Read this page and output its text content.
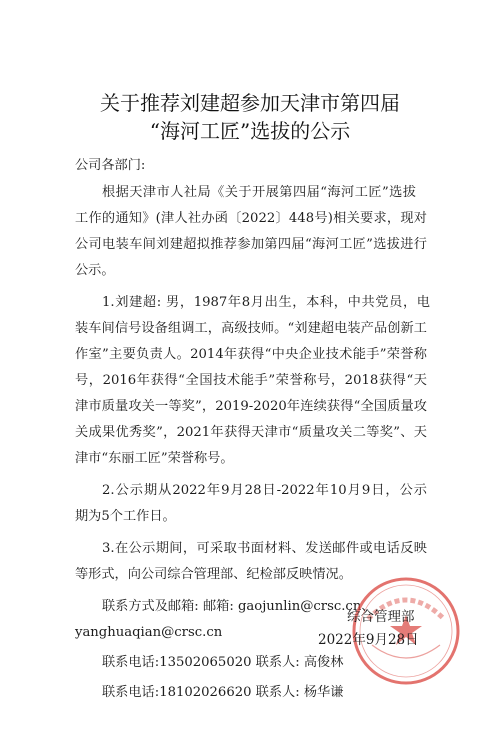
关于推荐刘建超参加天津市第四届
“海河工匠”选拔的公示
公司各部门:
根据天津市人社局《关于开展第四届“海河工匠”选拔
工作的通知》(津人社办函〔2022〕448号)相关要求，现对
公司电装车间刘建超拟推荐参加第四届“海河工匠”选拔进行
公示。
1.刘建超: 男，1987年8月出生，本科，中共党员，电
装车间信号设备组调工，高级技师。“刘建超电装产品创新工
作室”主要负责人。2014年获得“中央企业技术能手”荣誉称
号，2016年获得“全国技术能手”荣誉称号，2018获得“天
津市质量攻关一等奖”，2019-2020年连续获得“全国质量攻
关成果优秀奖”，2021年获得天津市“质量攻关二等奖”、天
津市“东丽工匠”荣誉称号。
2.公示期从2022年9月28日-2022年10月9日，公示
期为5个工作日。
3.在公示期间，可采取书面材料、发送邮件或电话反映
等形式，向公司综合管理部、纪检部反映情况。
联系方式及邮箱: 邮箱: gaojunlin@crsc.cn、
yanghuaqian@crsc.cn
联系电话:13502065020 联系人: 高俊林
联系电话:18102026620 联系人: 杨华谦
综合管理部
2022年9月28日
